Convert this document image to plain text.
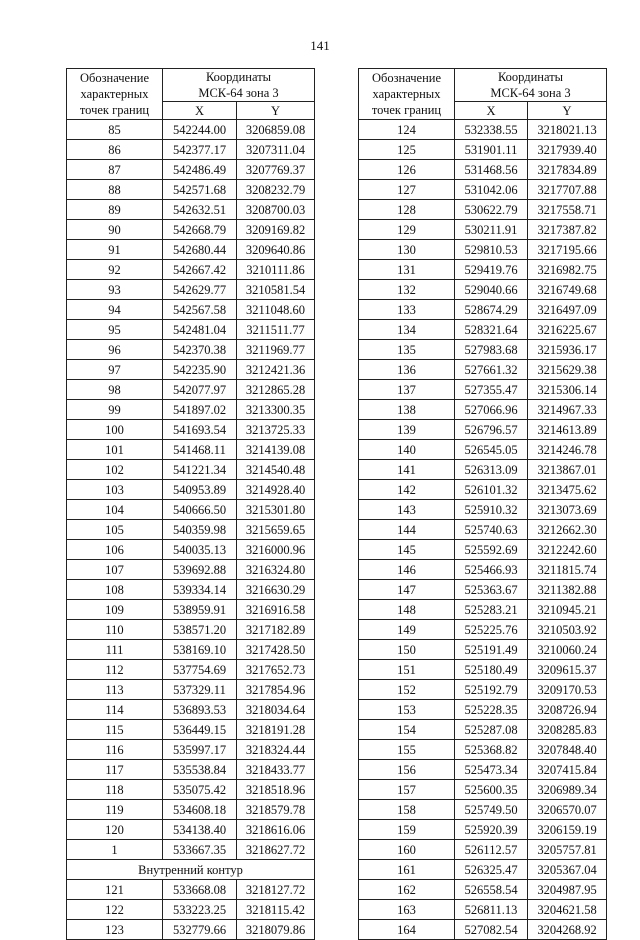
141
Обозначение
характерных
точек границ	Координаты
МСК-64 зона 3	

	X	Y
85	542244.00	3206859.08
86	542377.17	3207311.04
87	542486.49	3207769.37
88	542571.68	3208232.79
89	542632.51	3208700.03
90	542668.79	3209169.82
91	542680.44	3209640.86
92	542667.42	3210111.86
93	542629.77	3210581.54
94	542567.58	3211048.60
95	542481.04	3211511.77
96	542370.38	3211969.77
97	542235.90	3212421.36
98	542077.97	3212865.28
99	541897.02	3213300.35
100	541693.54	3213725.33
101	541468.11	3214139.08
102	541221.34	3214540.48
103	540953.89	3214928.40
104	540666.50	3215301.80
105	540359.98	3215659.65
106	540035.13	3216000.96
107	539692.88	3216324.80
108	539334.14	3216630.29
109	538959.91	3216916.58
110	538571.20	3217182.89
111	538169.10	3217428.50
112	537754.69	3217652.73
113	537329.11	3217854.96
114	536893.53	3218034.64
115	536449.15	3218191.28
116	535997.17	3218324.44
117	535538.84	3218433.77
118	535075.42	3218518.96
119	534608.18	3218579.78
120	534138.40	3218616.06
1	533667.35	3218627.72
Внутренний контур		
121	533668.08	3218127.72
122	533223.25	3218115.42
123	532779.66	3218079.86
Обозначение
характерных
точек границ	Координаты
МСК-64 зона 3	

	X	Y
124	532338.55	3218021.13
125	531901.11	3217939.40
126	531468.56	3217834.89
127	531042.06	3217707.88
128	530622.79	3217558.71
129	530211.91	3217387.82
130	529810.53	3217195.66
131	529419.76	3216982.75
132	529040.66	3216749.68
133	528674.29	3216497.09
134	528321.64	3216225.67
135	527983.68	3215936.17
136	527661.32	3215629.38
137	527355.47	3215306.14
138	527066.96	3214967.33
139	526796.57	3214613.89
140	526545.05	3214246.78
141	526313.09	3213867.01
142	526101.32	3213475.62
143	525910.32	3213073.69
144	525740.63	3212662.30
145	525592.69	3212242.60
146	525466.93	3211815.74
147	525363.67	3211382.88
148	525283.21	3210945.21
149	525225.76	3210503.92
150	525191.49	3210060.24
151	525180.49	3209615.37
152	525192.79	3209170.53
153	525228.35	3208726.94
154	525287.08	3208285.83
155	525368.82	3207848.40
156	525473.34	3207415.84
157	525600.35	3206989.34
158	525749.50	3206570.07
159	525920.39	3206159.19
160	526112.57	3205757.81
161	526325.47	3205367.04
162	526558.54	3204987.95
163	526811.13	3204621.58
164	527082.54	3204268.92
